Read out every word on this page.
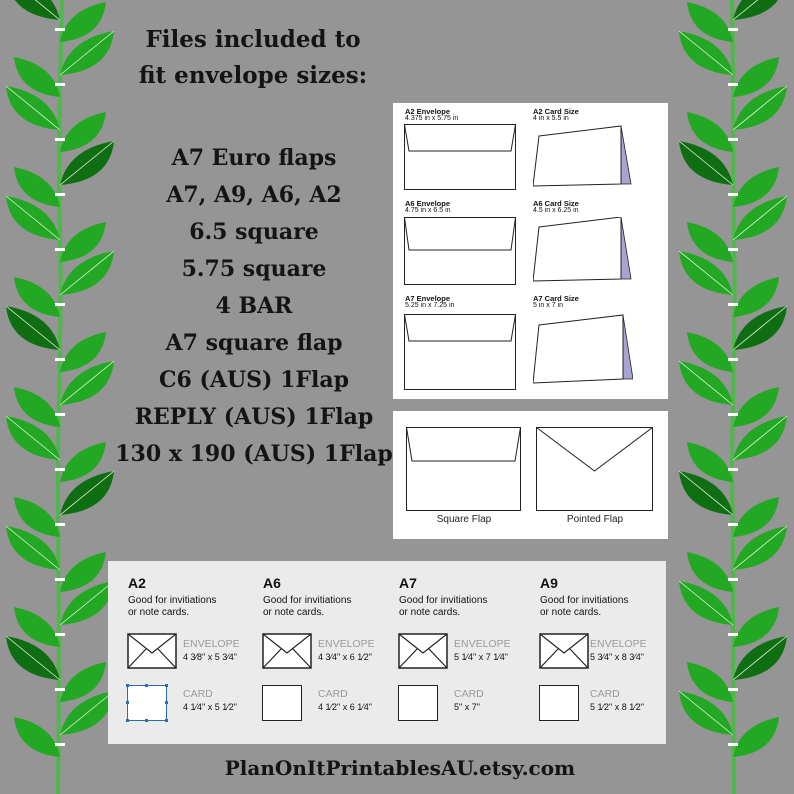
Files included to
fit envelope sizes:
A7 Euro flaps
A7, A9, A6, A2
6.5 square
5.75 square
4 BAR
A7 square flap
C6 (AUS) 1Flap
REPLY (AUS) 1Flap
130 x 190 (AUS) 1Flap
A2 Envelope
4.375 in x 5.75 in
A2 Card Size
4 in x 5.5 in
A6 Envelope
4.75 in x 6.5 in
A6 Card Size
4.5 in x 6.25 in
A7 Envelope
5.25 in x 7.25 in
A7 Card Size
5 in x 7 in
Square Flap	Pointed Flap
A2
Good for invitiations
or note cards.
ENVELOPE
4 3⁄8" x 5 3⁄4"
CARD
4 1⁄4" x 5 1⁄2"
A6
Good for invitiations
or note cards.
ENVELOPE
4 3⁄4" x 6 1⁄2"
CARD
4 1⁄2" x 6 1⁄4"
A7
Good for invitiations
or note cards.
ENVELOPE
5 1⁄4" x 7 1⁄4"
CARD
5" x 7"
A9
Good for invitiations
or note cards.
ENVELOPE
5 3⁄4" x 8 3⁄4"
CARD
5 1⁄2" x 8 1⁄2"
PlanOnItPrintablesAU.etsy.com
